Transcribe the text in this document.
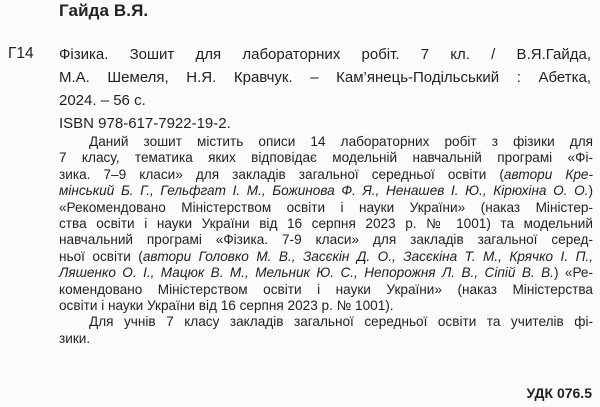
Гайда В.Я.
Г14 Фізика. Зошит для лабораторних робіт. 7 кл. / В.Я.Гайда,
М.А. Шемеля, Н.Я. Кравчук. – Кам’янець-Подільський : Абетка,
2024. – 56 с.
ISBN 978-617-7922-19-2.
Даний зошит містить описи 14 лабораторних робіт з фізики для
7 класу, тематика яких відповідає модельній навчальній програмі «Фі-
зика. 7–9 класи» для закладів загальної середньої освіти (автори Кре-
мінський Б. Г., Гельфгат І. М., Божинова Ф. Я., Ненашев І. Ю., Кірюхіна О. О.)
«Рекомендовано Міністерством освіти і науки України» (наказ Міністер-
ства освіти і науки України від 16 серпня 2023 р. № 1001) та модельний
навчальний програмі «Фізика. 7-9 класи» для закладів загальної серед-
ньої освіти (автори Головко М. В., Засєкін Д. О., Засєкіна Т. М., Крячко І. П.,
Ляшенко О. І., Мацюк В. М., Мельник Ю. С., Непорожня Л. В., Сіпій В. В.) «Ре-
комендовано Міністерством освіти і науки України» (наказ Міністерства
освіти і науки України від 16 серпня 2023 р. № 1001).
Для учнів 7 класу закладів загальної середньої освіти та учителів фі-
зики.
УДК 076.5
